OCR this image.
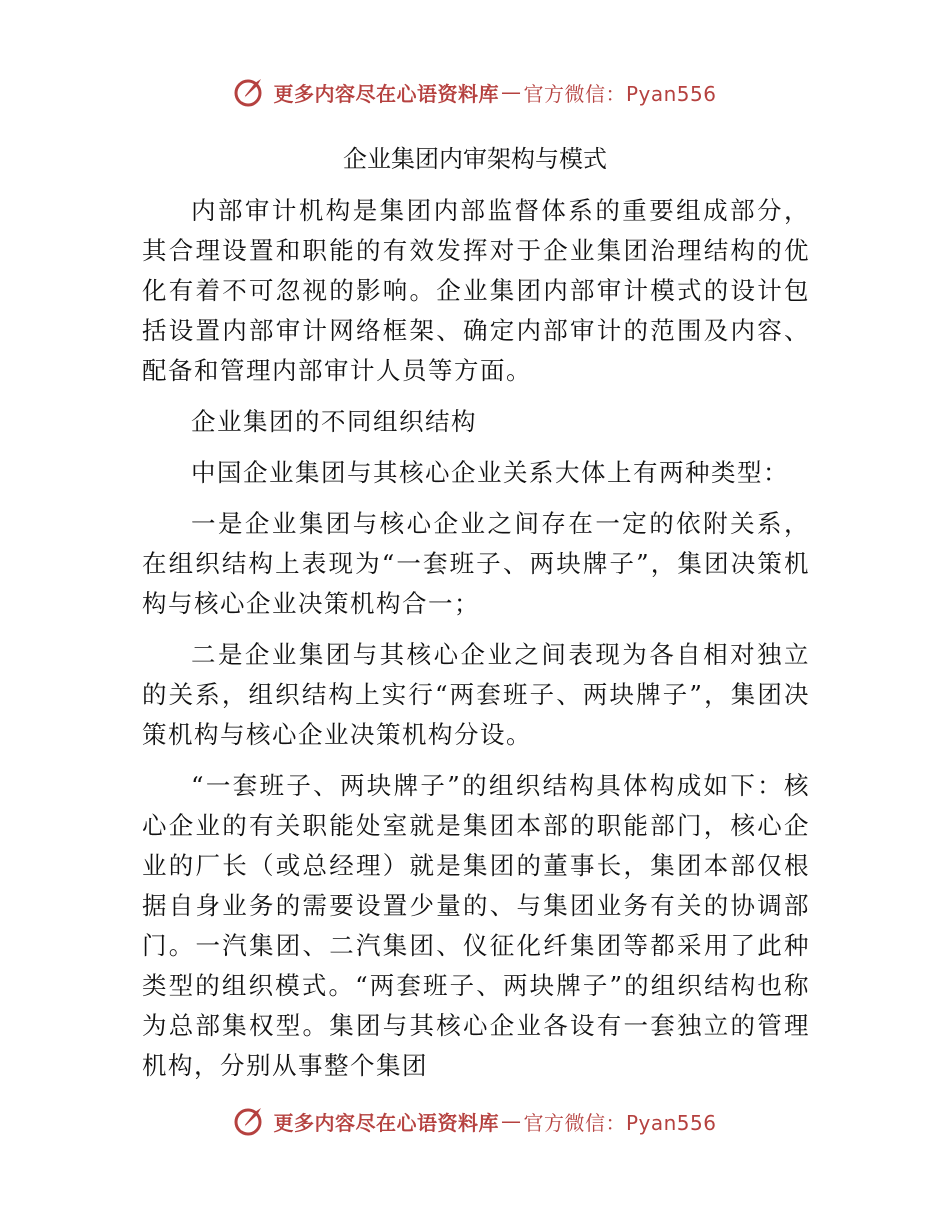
更多内容尽在心语资料库 — 官方微信：Pyan556
企业集团内审架构与模式

内部审计机构是集团内部监督体系的重要组成部分，其合理设置和职能的有效发挥对于企业集团治理结构的优化有着不可忽视的影响。企业集团内部审计模式的设计包括设置内部审计网络框架、确定内部审计的范围及内容、配备和管理内部审计人员等方面。

企业集团的不同组织结构

中国企业集团与其核心企业关系大体上有两种类型：

一是企业集团与核心企业之间存在一定的依附关系，在组织结构上表现为“一套班子、两块牌子”，集团决策机构与核心企业决策机构合一；

二是企业集团与其核心企业之间表现为各自相对独立的关系，组织结构上实行“两套班子、两块牌子”，集团决策机构与核心企业决策机构分设。

“一套班子、两块牌子”的组织结构具体构成如下：核心企业的有关职能处室就是集团本部的职能部门，核心企业的厂长（或总经理）就是集团的董事长，集团本部仅根据自身业务的需要设置少量的、与集团业务有关的协调部门。一汽集团、二汽集团、仪征化纤集团等都采用了此种类型的组织模式。“两套班子、两块牌子”的组织结构也称为总部集权型。集团与其核心企业各设有一套独立的管理机构，分别从事整个集团

更多内容尽在心语资料库 — 官方微信：Pyan556
